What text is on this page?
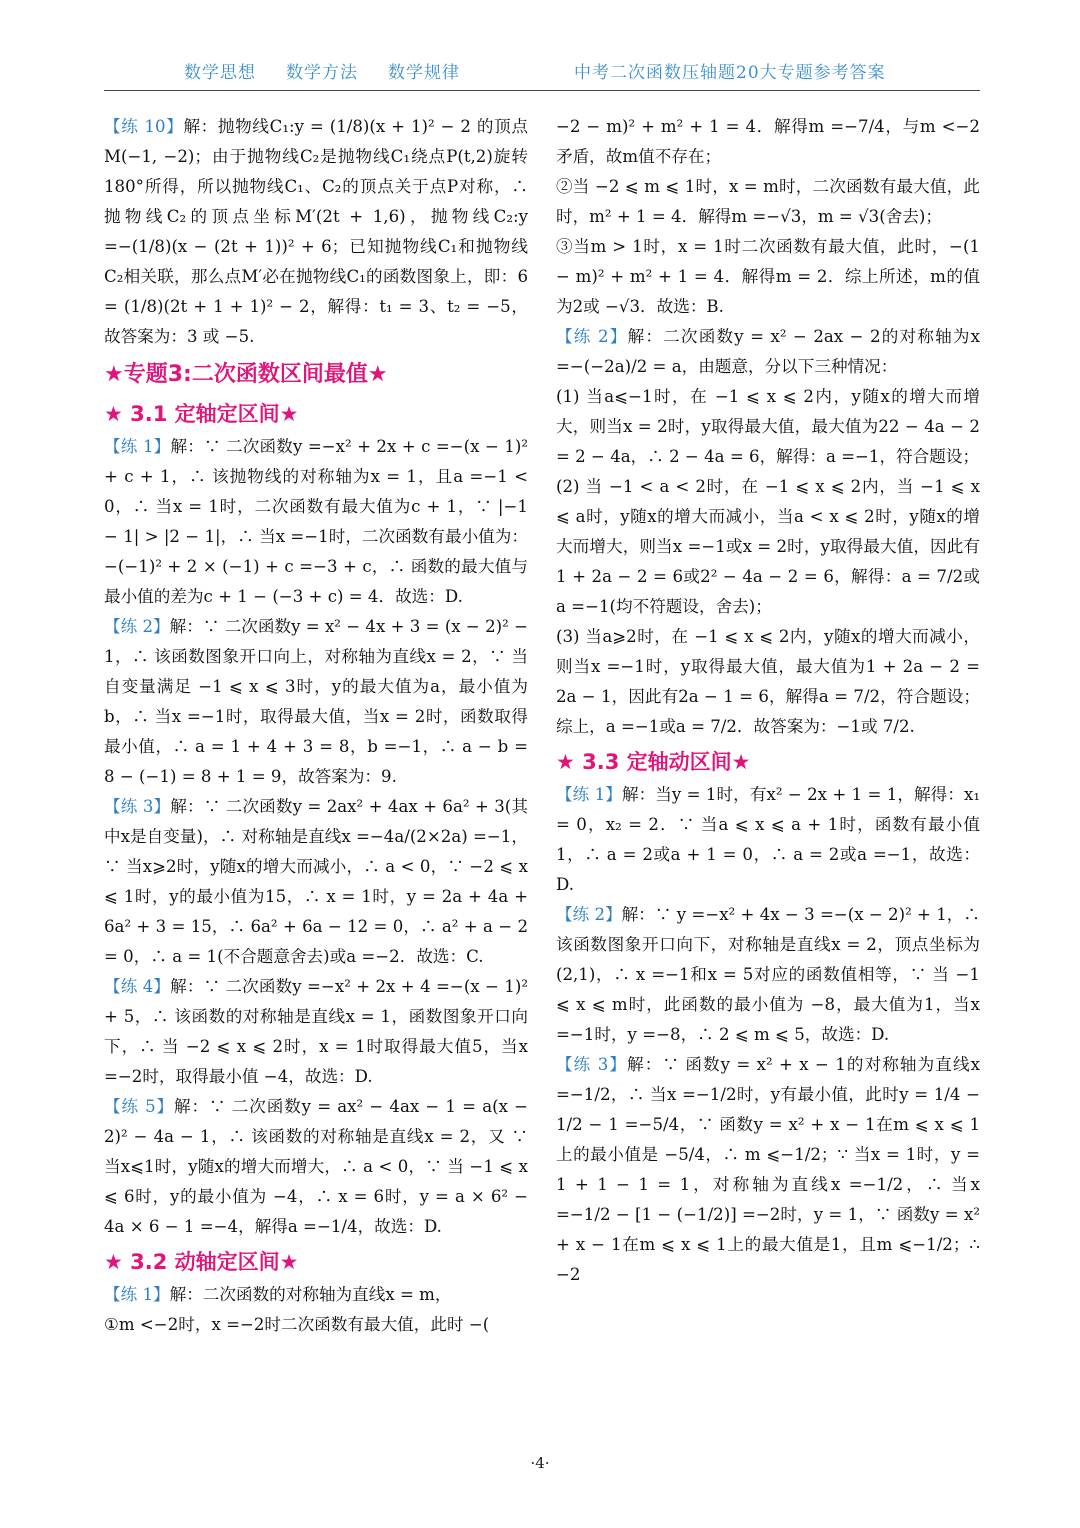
数学思想 数学方法 数学规律	中考二次函数压轴题20大专题参考答案

【练 10】解：抛物线C₁:y = (1/8)(x + 1)² − 2 的顶点M(−1, −2)；由于抛物线C₂是抛物线C₁绕点P(t,2)旋转180°所得，所以抛物线C₁、C₂的顶点关于点P对称，∴ 抛物线C₂的顶点坐标M′(2t + 1,6)，抛物线C₂:y =−(1/8)(x − (2t + 1))² + 6；已知抛物线C₁和抛物线C₂相关联，那么点M′必在抛物线C₁的函数图象上，即：6 = (1/8)(2t + 1 + 1)² − 2，解得：t₁ = 3、t₂ = −5，故答案为：3 或 −5.

★专题3:二次函数区间最值★
★ 3.1 定轴定区间★

【练 1】解：∵ 二次函数y =−x² + 2x + c =−(x − 1)² + c + 1，∴ 该抛物线的对称轴为x = 1，且a =−1 < 0，∴ 当x = 1时，二次函数有最大值为c + 1，∵ |−1 − 1| > |2 − 1|，∴ 当x =−1时，二次函数有最小值为：−(−1)² + 2 × (−1) + c =−3 + c，∴ 函数的最大值与最小值的差为c + 1 − (−3 + c) = 4．故选：D.

【练 2】解：∵ 二次函数y = x² − 4x + 3 = (x − 2)² − 1，∴ 该函数图象开口向上，对称轴为直线x = 2，∵ 当自变量满足 −1 ⩽ x ⩽ 3时，y的最大值为a，最小值为b，∴ 当x =−1时，取得最大值，当x = 2时，函数取得最小值，∴ a = 1 + 4 + 3 = 8，b =−1，∴ a − b = 8 − (−1) = 8 + 1 = 9，故答案为：9.

【练 3】解：∵ 二次函数y = 2ax² + 4ax + 6a² + 3(其中x是自变量)，∴ 对称轴是直线x =−4a/(2×2a) =−1，∵ 当x⩾2时，y随x的增大而减小，∴ a < 0，∵ −2 ⩽ x ⩽ 1时，y的最小值为15，∴ x = 1时，y = 2a + 4a + 6a² + 3 = 15，∴ 6a² + 6a − 12 = 0，∴ a² + a − 2 = 0，∴ a = 1(不合题意舍去)或a =−2．故选：C.

【练 4】解：∵ 二次函数y =−x² + 2x + 4 =−(x − 1)² + 5，∴ 该函数的对称轴是直线x = 1，函数图象开口向下，∴ 当 −2 ⩽ x ⩽ 2时，x = 1时取得最大值5，当x =−2时，取得最小值 −4，故选：D.

【练 5】解：∵ 二次函数y = ax² − 4ax − 1 = a(x − 2)² − 4a − 1，∴ 该函数的对称轴是直线x = 2，又 ∵ 当x⩽1时，y随x的增大而增大，∴ a < 0，∵ 当 −1 ⩽ x ⩽ 6时，y的最小值为 −4，∴ x = 6时，y = a × 6² − 4a × 6 − 1 =−4，解得a =−1/4，故选：D.

★ 3.2 动轴定区间★

【练 1】解：二次函数的对称轴为直线x = m，

①m <−2时，x =−2时二次函数有最大值，此时 −(

−2 − m)² + m² + 1 = 4．解得m =−7/4，与m <−2矛盾，故m值不存在；

②当 −2 ⩽ m ⩽ 1时，x = m时，二次函数有最大值，此时，m² + 1 = 4．解得m =−√3，m = √3(舍去)；

③当m > 1时，x = 1时二次函数有最大值，此时，−(1 − m)² + m² + 1 = 4．解得m = 2．综上所述，m的值为2或 −√3．故选：B.

【练 2】解：二次函数y = x² − 2ax − 2的对称轴为x =−(−2a)/2 = a，由题意，分以下三种情况：

(1) 当a⩽−1时，在 −1 ⩽ x ⩽ 2内，y随x的增大而增大，则当x = 2时，y取得最大值，最大值为22 − 4a − 2 = 2 − 4a，∴ 2 − 4a = 6，解得：a =−1，符合题设；

(2) 当 −1 < a < 2时，在 −1 ⩽ x ⩽ 2内，当 −1 ⩽ x ⩽ a时，y随x的增大而减小，当a < x ⩽ 2时，y随x的增大而增大，则当x =−1或x = 2时，y取得最大值，因此有1 + 2a − 2 = 6或2² − 4a − 2 = 6，解得：a = 7/2或a =−1(均不符题设，舍去)；

(3) 当a⩾2时，在 −1 ⩽ x ⩽ 2内，y随x的增大而减小，则当x =−1时，y取得最大值，最大值为1 + 2a − 2 = 2a − 1，因此有2a − 1 = 6，解得a = 7/2，符合题设；综上，a =−1或a = 7/2．故答案为：−1或 7/2.

★ 3.3 定轴动区间★

【练 1】解：当y = 1时，有x² − 2x + 1 = 1，解得：x₁ = 0，x₂ = 2．∵ 当a ⩽ x ⩽ a + 1时，函数有最小值1，∴ a = 2或a + 1 = 0，∴ a = 2或a =−1，故选：D.

【练 2】解：∵ y =−x² + 4x − 3 =−(x − 2)² + 1，∴ 该函数图象开口向下，对称轴是直线x = 2，顶点坐标为(2,1)，∴ x =−1和x = 5对应的函数值相等，∵ 当 −1 ⩽ x ⩽ m时，此函数的最小值为 −8，最大值为1，当x =−1时，y =−8，∴ 2 ⩽ m ⩽ 5，故选：D.

【练 3】解：∵ 函数y = x² + x − 1的对称轴为直线x =−1/2，∴ 当x =−1/2时，y有最小值，此时y = 1/4 − 1/2 − 1 =−5/4，∵ 函数y = x² + x − 1在m ⩽ x ⩽ 1上的最小值是 −5/4，∴ m ⩽−1/2；∵ 当x = 1时，y = 1 + 1 − 1 = 1，对称轴为直线x =−1/2，∴ 当x =−1/2 − [1 − (−1/2)] =−2时，y = 1，∵ 函数y = x² + x − 1在m ⩽ x ⩽ 1上的最大值是1，且m ⩽−1/2；∴ −2

·4·
